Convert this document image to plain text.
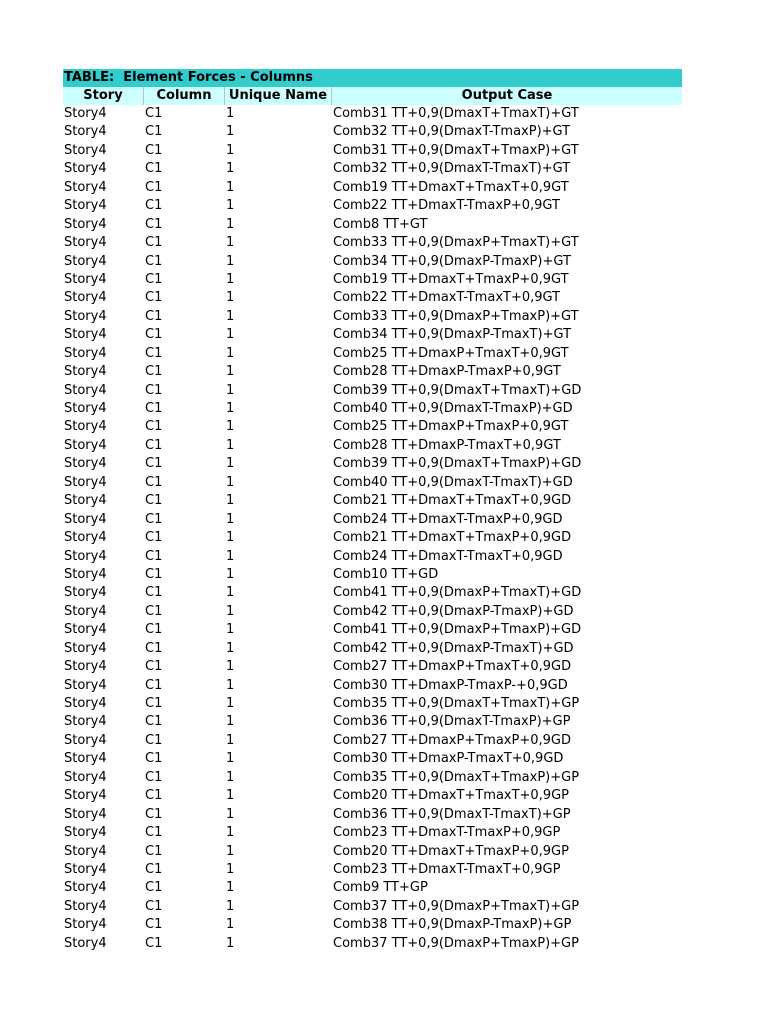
TABLE:  Element Forces - Columns
Story	Column	Unique Name	Output Case
Story4	C1	1	Comb31 TT+0,9(DmaxT+TmaxT)+GT
Story4	C1	1	Comb32 TT+0,9(DmaxT-TmaxP)+GT
Story4	C1	1	Comb31 TT+0,9(DmaxT+TmaxP)+GT
Story4	C1	1	Comb32 TT+0,9(DmaxT-TmaxT)+GT
Story4	C1	1	Comb19 TT+DmaxT+TmaxT+0,9GT
Story4	C1	1	Comb22 TT+DmaxT-TmaxP+0,9GT
Story4	C1	1	Comb8 TT+GT
Story4	C1	1	Comb33 TT+0,9(DmaxP+TmaxT)+GT
Story4	C1	1	Comb34 TT+0,9(DmaxP-TmaxP)+GT
Story4	C1	1	Comb19 TT+DmaxT+TmaxP+0,9GT
Story4	C1	1	Comb22 TT+DmaxT-TmaxT+0,9GT
Story4	C1	1	Comb33 TT+0,9(DmaxP+TmaxP)+GT
Story4	C1	1	Comb34 TT+0,9(DmaxP-TmaxT)+GT
Story4	C1	1	Comb25 TT+DmaxP+TmaxT+0,9GT
Story4	C1	1	Comb28 TT+DmaxP-TmaxP+0,9GT
Story4	C1	1	Comb39 TT+0,9(DmaxT+TmaxT)+GD
Story4	C1	1	Comb40 TT+0,9(DmaxT-TmaxP)+GD
Story4	C1	1	Comb25 TT+DmaxP+TmaxP+0,9GT
Story4	C1	1	Comb28 TT+DmaxP-TmaxT+0,9GT
Story4	C1	1	Comb39 TT+0,9(DmaxT+TmaxP)+GD
Story4	C1	1	Comb40 TT+0,9(DmaxT-TmaxT)+GD
Story4	C1	1	Comb21 TT+DmaxT+TmaxT+0,9GD
Story4	C1	1	Comb24 TT+DmaxT-TmaxP+0,9GD
Story4	C1	1	Comb21 TT+DmaxT+TmaxP+0,9GD
Story4	C1	1	Comb24 TT+DmaxT-TmaxT+0,9GD
Story4	C1	1	Comb10 TT+GD
Story4	C1	1	Comb41 TT+0,9(DmaxP+TmaxT)+GD
Story4	C1	1	Comb42 TT+0,9(DmaxP-TmaxP)+GD
Story4	C1	1	Comb41 TT+0,9(DmaxP+TmaxP)+GD
Story4	C1	1	Comb42 TT+0,9(DmaxP-TmaxT)+GD
Story4	C1	1	Comb27 TT+DmaxP+TmaxT+0,9GD
Story4	C1	1	Comb30 TT+DmaxP-TmaxP-+0,9GD
Story4	C1	1	Comb35 TT+0,9(DmaxT+TmaxT)+GP
Story4	C1	1	Comb36 TT+0,9(DmaxT-TmaxP)+GP
Story4	C1	1	Comb27 TT+DmaxP+TmaxP+0,9GD
Story4	C1	1	Comb30 TT+DmaxP-TmaxT+0,9GD
Story4	C1	1	Comb35 TT+0,9(DmaxT+TmaxP)+GP
Story4	C1	1	Comb20 TT+DmaxT+TmaxT+0,9GP
Story4	C1	1	Comb36 TT+0,9(DmaxT-TmaxT)+GP
Story4	C1	1	Comb23 TT+DmaxT-TmaxP+0,9GP
Story4	C1	1	Comb20 TT+DmaxT+TmaxP+0,9GP
Story4	C1	1	Comb23 TT+DmaxT-TmaxT+0,9GP
Story4	C1	1	Comb9 TT+GP
Story4	C1	1	Comb37 TT+0,9(DmaxP+TmaxT)+GP
Story4	C1	1	Comb38 TT+0,9(DmaxP-TmaxP)+GP
Story4	C1	1	Comb37 TT+0,9(DmaxP+TmaxP)+GP
